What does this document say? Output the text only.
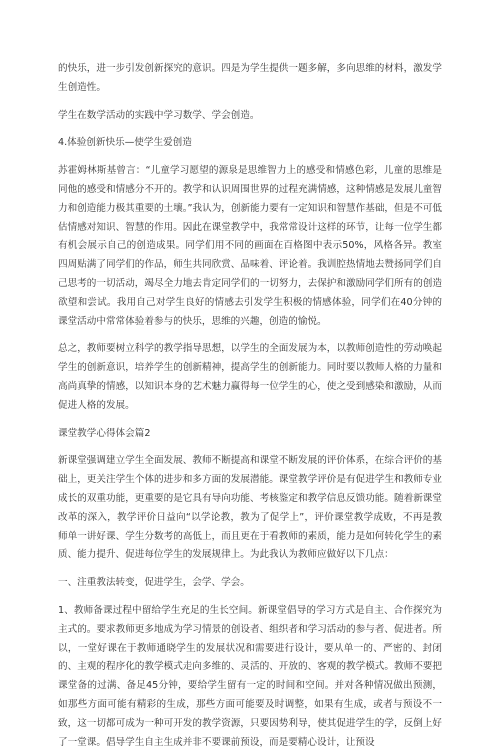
的快乐，进一步引发创新探究的意识。四是为学生提供一题多解，多向思维的材料，激发学生创造性。

学生在数学活动的实践中学习数学、学会创造。

4.体验创新快乐—使学生爱创造

苏霍姆林斯基曾言：“儿童学习愿望的源泉是思维智力上的感受和情感色彩，儿童的思维是同他的感受和情感分不开的。教学和认识周围世界的过程充满情感，这种情感是发展儿童智力和创造能力极其重要的土壤。”我认为，创新能力要有一定知识和智慧作基础，但是不可低估情感对知识、智慧的作用。因此在课堂教学中，我常常设计这样的环节，让每一位学生都有机会展示自己的创造成果。同学们用不同的画面在百格图中表示50%，风格各异。教室四周贴满了同学们的作品，师生共同欣赏、品味着、评论着。我训腔热情地去赞扬同学们自己思考的一切活动，竭尽全力地去肯定同学们的一切努力，去保护和激励同学们所有的创造欲望和尝试。我用自己对学生良好的情感去引发学生积极的情感体验，同学们在40分钟的课堂活动中常常体验着参与的快乐，思维的兴趣，创造的愉悦。

总之，教师要树立科学的教学指导思想，以学生的全面发展为本，以教师创造性的劳动唤起学生的创新意识，培养学生的创新精神，提高学生的创新能力。同时要以教师人格的力量和高尚真挚的情感，以知识本身的艺术魅力赢得每一位学生的心，使之受到感染和激励，从而促进人格的发展。

课堂教学心得体会篇2

新课堂强调建立学生全面发展、教师不断提高和课堂不断发展的评价体系，在综合评价的基础上，更关注学生个体的进步和多方面的发展潜能。课堂教学评价是有促进学生和教师专业成长的双重功能，更重要的是它具有导向功能、考核鉴定和教学信息反馈功能。随着新课堂改革的深入，教学评价日益向“以学论教，教为了促学上”，评价课堂教学成败，不再是教师单一讲好课、学生分数考的高低上，而且更在于看教师的素质，能力是如何转化学生的素质、能力提升、促进每位学生的发展规律上。为此我认为教师应做好以下几点：

一、注重教法转变，促进学生，会学、学会。

1、教师备课过程中留给学生充足的生长空间。新课堂倡导的学习方式是自主、合作探究为主式的。要求教师更多地成为学习情景的创设者、组织者和学习活动的参与者、促进者。所以，一堂好课在于教师通晓学生的发展状况和需要进行设计，要从单一的、严密的、封闭的、主观的程序化的教学模式走向多维的、灵活的、开放的、客观的教学模式。教师不要把课堂备的过满、备足45分钟，要给学生留有一定的时间和空间。并对各种情况做出预测，如那些方面可能有精彩的生成，那些方面可能要及时调整，如果有生成，或者与预设不一致，这一切都可成为一种可开发的教学资源，只要因势利导，使其促进学生的学，反倒上好了一堂课。倡导学生自主生成并非不要课前预设，而是要精心设计，让预设
